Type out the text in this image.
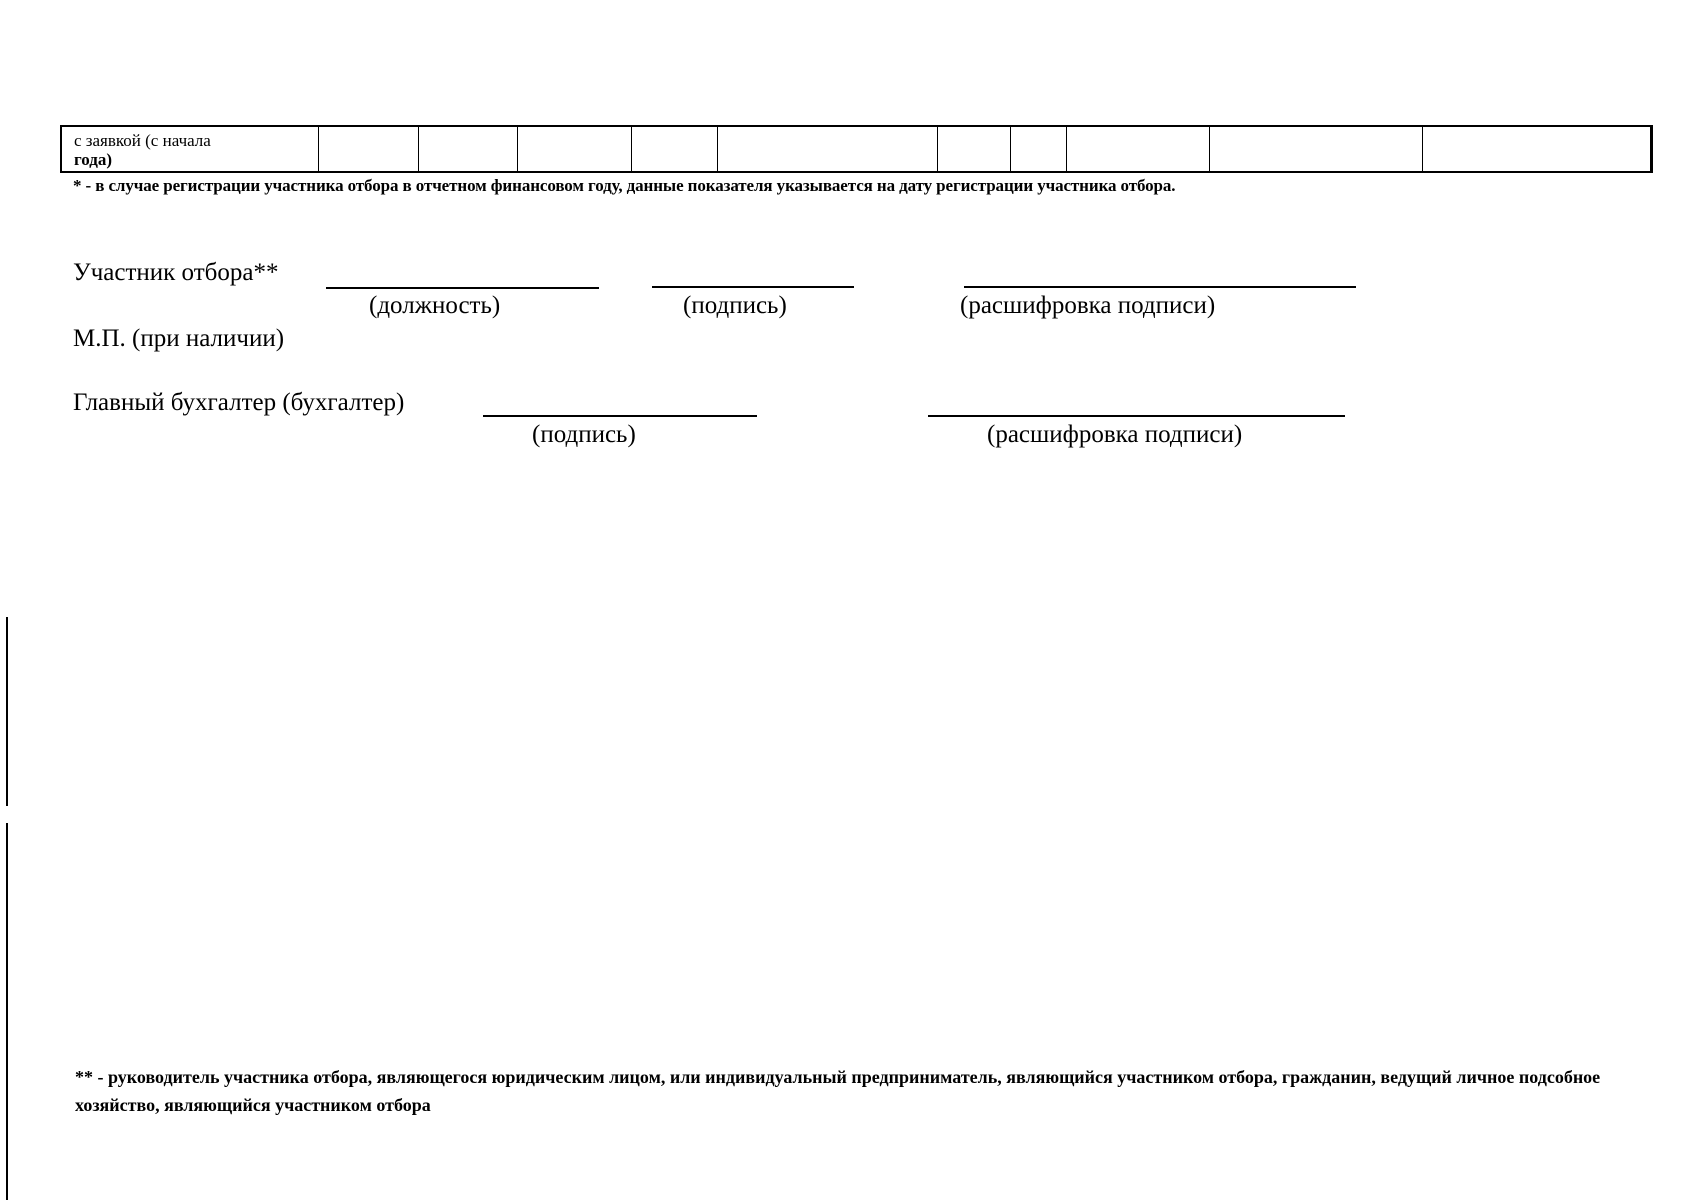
с заявкой (с начала
года)
* - в случае регистрации участника отбора в отчетном финансовом году, данные показателя указывается на дату регистрации участника отбора.
Участник отбора**
(должность)	(подпись)	(расшифровка подписи)
М.П. (при наличии)
Главный бухгалтер (бухгалтер)
(подпись)	(расшифровка подписи)
** - руководитель участника отбора, являющегося юридическим лицом, или индивидуальный предприниматель, являющийся участником отбора, гражданин, ведущий личное подсобное хозяйство, являющийся участником отбора
